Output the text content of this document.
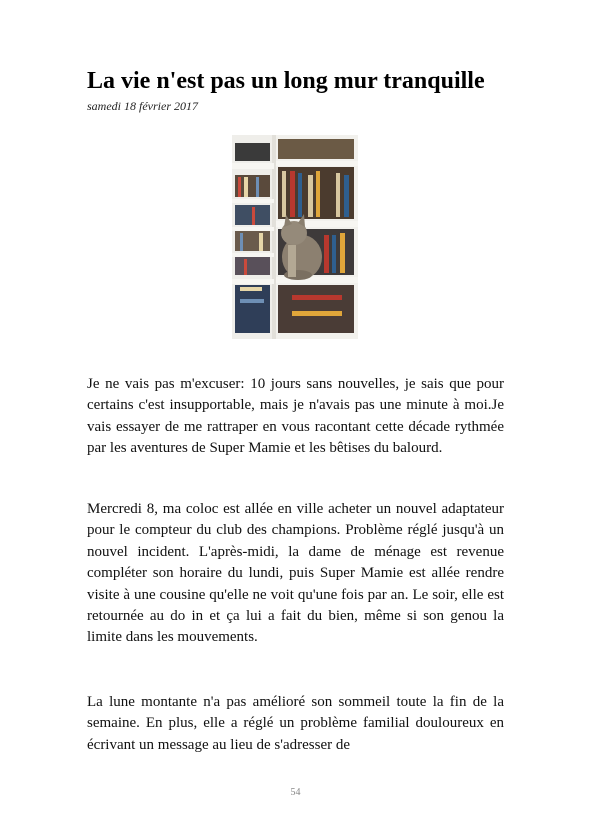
La vie n'est pas un long mur tranquille
samedi 18 février 2017

Je ne vais pas m'excuser: 10 jours sans nouvelles, je sais que pour certains c'est insupportable, mais je n'avais pas une minute à moi.Je vais essayer de me rattraper en vous racontant cette décade rythmée par les aventures de Super Mamie et les bêtises du balourd.

Mercredi 8, ma coloc est allée en ville acheter un nouvel adaptateur pour le compteur du club des champions. Problème réglé jusqu'à un nouvel incident. L'après-midi, la dame de ménage est revenue compléter son horaire du lundi, puis Super Mamie est allée rendre visite à une cousine qu'elle ne voit qu'une fois par an. Le soir, elle est retournée au do in et ça lui a fait du bien, même si son genou la limite dans les mouvements.

La lune montante n'a pas amélioré son sommeil toute la fin de la semaine. En plus, elle a réglé un problème familial douloureux en écrivant un message au lieu de s'adresser de

54
